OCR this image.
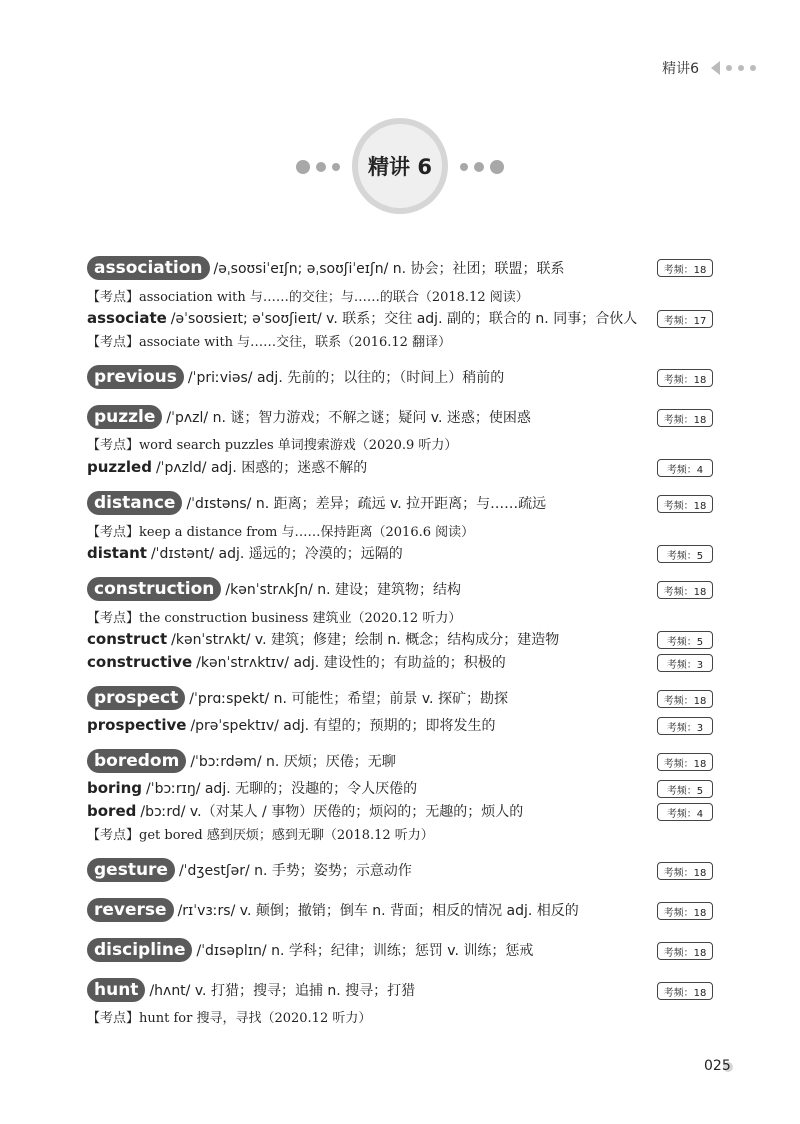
精讲6
精讲 6
association /əˌsoʊsiˈeɪʃn; əˌsoʊʃiˈeɪʃn/ n. 协会；社团；联盟；联系	考频：18
【考点】association with 与……的交往；与……的联合（2018.12 阅读）
associate /əˈsoʊsieɪt; əˈsoʊʃieɪt/ v. 联系；交往 adj. 副的；联合的 n. 同事；合伙人	考频：17
【考点】associate with 与……交往，联系（2016.12 翻译）
previous /ˈpriːviəs/ adj. 先前的；以往的；（时间上）稍前的	考频：18
puzzle /ˈpʌzl/ n. 谜；智力游戏；不解之谜；疑问 v. 迷惑；使困惑	考频：18
【考点】word search puzzles 单词搜索游戏（2020.9 听力）
puzzled /ˈpʌzld/ adj. 困惑的；迷惑不解的	考频：4
distance /ˈdɪstəns/ n. 距离；差异；疏远 v. 拉开距离；与……疏远	考频：18
【考点】keep a distance from 与……保持距离（2016.6 阅读）
distant /ˈdɪstənt/ adj. 遥远的；冷漠的；远隔的	考频：5
construction /kənˈstrʌkʃn/ n. 建设；建筑物；结构	考频：18
【考点】the construction business 建筑业（2020.12 听力）
construct /kənˈstrʌkt/ v. 建筑；修建；绘制 n. 概念；结构成分；建造物	考频：5
constructive /kənˈstrʌktɪv/ adj. 建设性的；有助益的；积极的	考频：3
prospect /ˈprɑːspekt/ n. 可能性；希望；前景 v. 探矿；勘探	考频：18
prospective /prəˈspektɪv/ adj. 有望的；预期的；即将发生的	考频：3
boredom /ˈbɔːrdəm/ n. 厌烦；厌倦；无聊	考频：18
boring /ˈbɔːrɪŋ/ adj. 无聊的；没趣的；令人厌倦的	考频：5
bored /bɔːrd/ v.（对某人 / 事物）厌倦的；烦闷的；无趣的；烦人的	考频：4
【考点】get bored 感到厌烦；感到无聊（2018.12 听力）
gesture /ˈdʒestʃər/ n. 手势；姿势；示意动作	考频：18
reverse /rɪˈvɜːrs/ v. 颠倒；撤销；倒车 n. 背面；相反的情况 adj. 相反的	考频：18
discipline /ˈdɪsəplɪn/ n. 学科；纪律；训练；惩罚 v. 训练；惩戒	考频：18
hunt /hʌnt/ v. 打猎；搜寻；追捕 n. 搜寻；打猎	考频：18
【考点】hunt for 搜寻，寻找（2020.12 听力）
025
